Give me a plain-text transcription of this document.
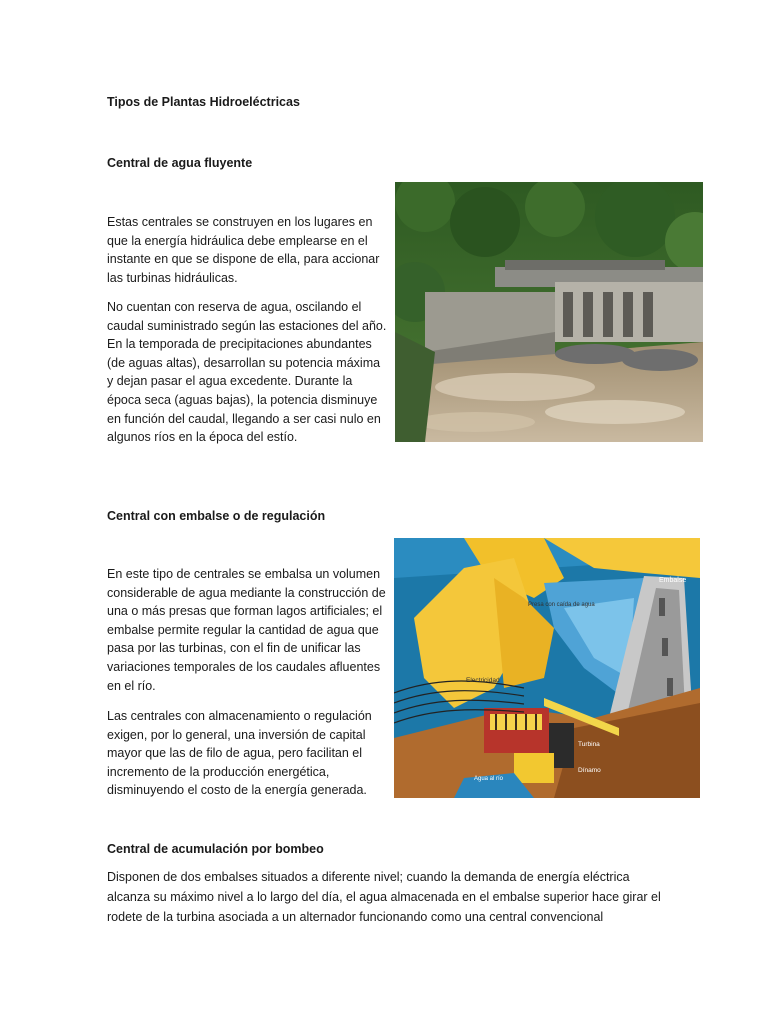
Tipos de Plantas Hidroeléctricas
Central de agua fluyente

Estas centrales se construyen en los lugares en que la energía hidráulica debe emplearse en el instante en que se dispone de ella, para accionar las turbinas hidráulicas.

No cuentan con reserva de agua, oscilando el caudal suministrado según las estaciones del año. En la temporada de precipitaciones abundantes (de aguas altas), desarrollan su potencia máxima y dejan pasar el agua excedente. Durante la época seca (aguas bajas), la potencia disminuye en función del caudal, llegando a ser casi nulo en algunos ríos en la época del estío.

Central con embalse o de regulación

En este tipo de centrales se embalsa un volumen considerable de agua mediante la construcción de una o más presas que forman lagos artificiales; el embalse permite regular la cantidad de agua que pasa por las turbinas, con el fin de unificar las variaciones temporales de los caudales afluentes en el río.

Las centrales con almacenamiento o regulación exigen, por lo general, una inversión de capital mayor que las de filo de agua, pero facilitan el incremento de la producción energética, disminuyendo el costo de la energía generada.

Embalse
Presa con caída de agua
Electricidad
Turbina
Dínamo
Agua al río
Central de acumulación por bombeo

Disponen de dos embalses situados a diferente nivel; cuando la demanda de energía eléctrica alcanza su máximo nivel a lo largo del día, el agua almacenada en el embalse superior hace girar el rodete de la turbina asociada a un alternador funcionando como una central convencional
